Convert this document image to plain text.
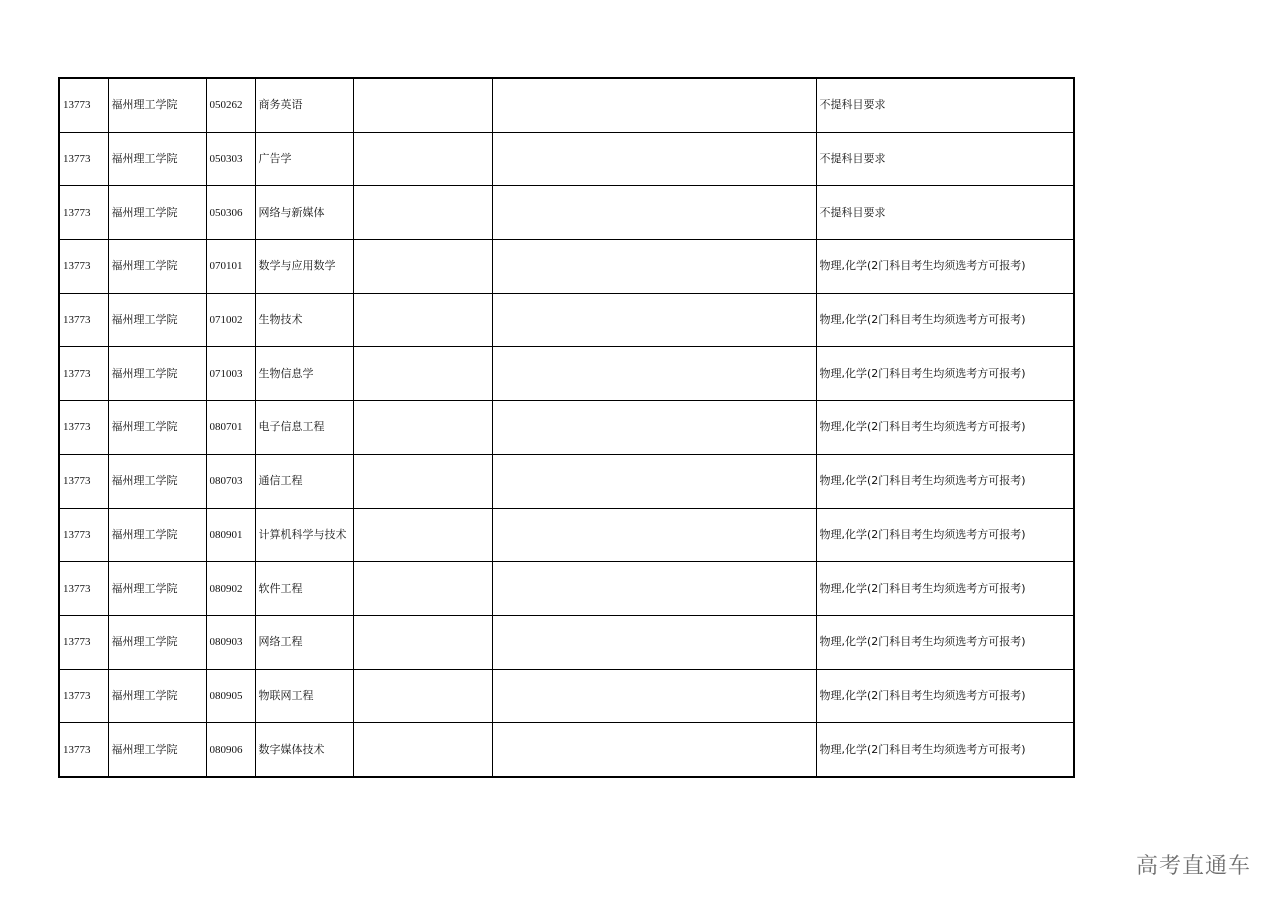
13773	福州理工学院	050262	商务英语			不提科目要求
13773	福州理工学院	050303	广告学			不提科目要求
13773	福州理工学院	050306	网络与新媒体			不提科目要求
13773	福州理工学院	070101	数学与应用数学			物理,化学(2门科目考生均须选考方可报考)
13773	福州理工学院	071002	生物技术			物理,化学(2门科目考生均须选考方可报考)
13773	福州理工学院	071003	生物信息学			物理,化学(2门科目考生均须选考方可报考)
13773	福州理工学院	080701	电子信息工程			物理,化学(2门科目考生均须选考方可报考)
13773	福州理工学院	080703	通信工程			物理,化学(2门科目考生均须选考方可报考)
13773	福州理工学院	080901	计算机科学与技术			物理,化学(2门科目考生均须选考方可报考)
13773	福州理工学院	080902	软件工程			物理,化学(2门科目考生均须选考方可报考)
13773	福州理工学院	080903	网络工程			物理,化学(2门科目考生均须选考方可报考)
13773	福州理工学院	080905	物联网工程			物理,化学(2门科目考生均须选考方可报考)
13773	福州理工学院	080906	数字媒体技术			物理,化学(2门科目考生均须选考方可报考)
高考直通车
